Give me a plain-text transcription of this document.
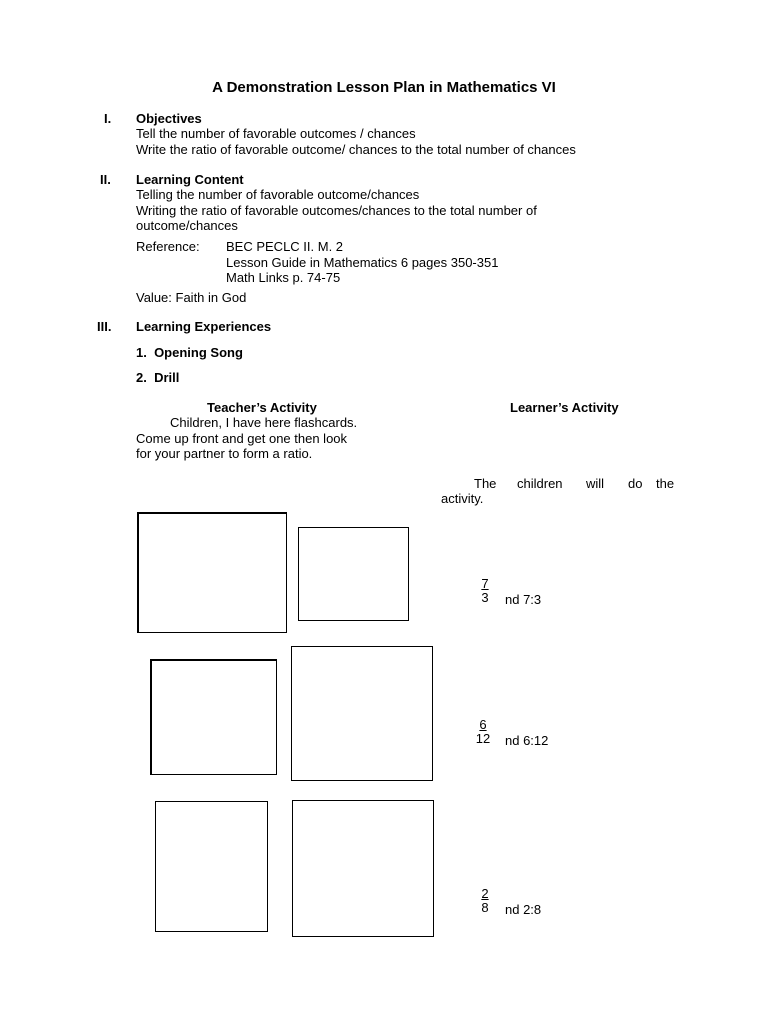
A Demonstration Lesson Plan in Mathematics VI
I. Objectives
Tell the number of favorable outcomes / chances
Write the ratio of favorable outcome/ chances to the total number of chances
II. Learning Content
Telling the number of favorable outcome/chances
Writing the ratio of favorable outcomes/chances to the total number of
outcome/chances
Reference: BEC PECLC II. M. 2
Lesson Guide in Mathematics 6 pages 350-351
Math Links p. 74-75
Value: Faith in God
III. Learning Experiences
1.  Opening Song
2.  Drill
Teacher’s Activity	Learner’s Activity
Children, I have here flashcards.
Come up front and get one then look
for your partner to form a ratio.
The children will do the
activity.
$\frac{7}{3}$ nd 7:3
$\frac{6}{12}$ nd 6:12
$\frac{2}{8}$ nd 2:8
